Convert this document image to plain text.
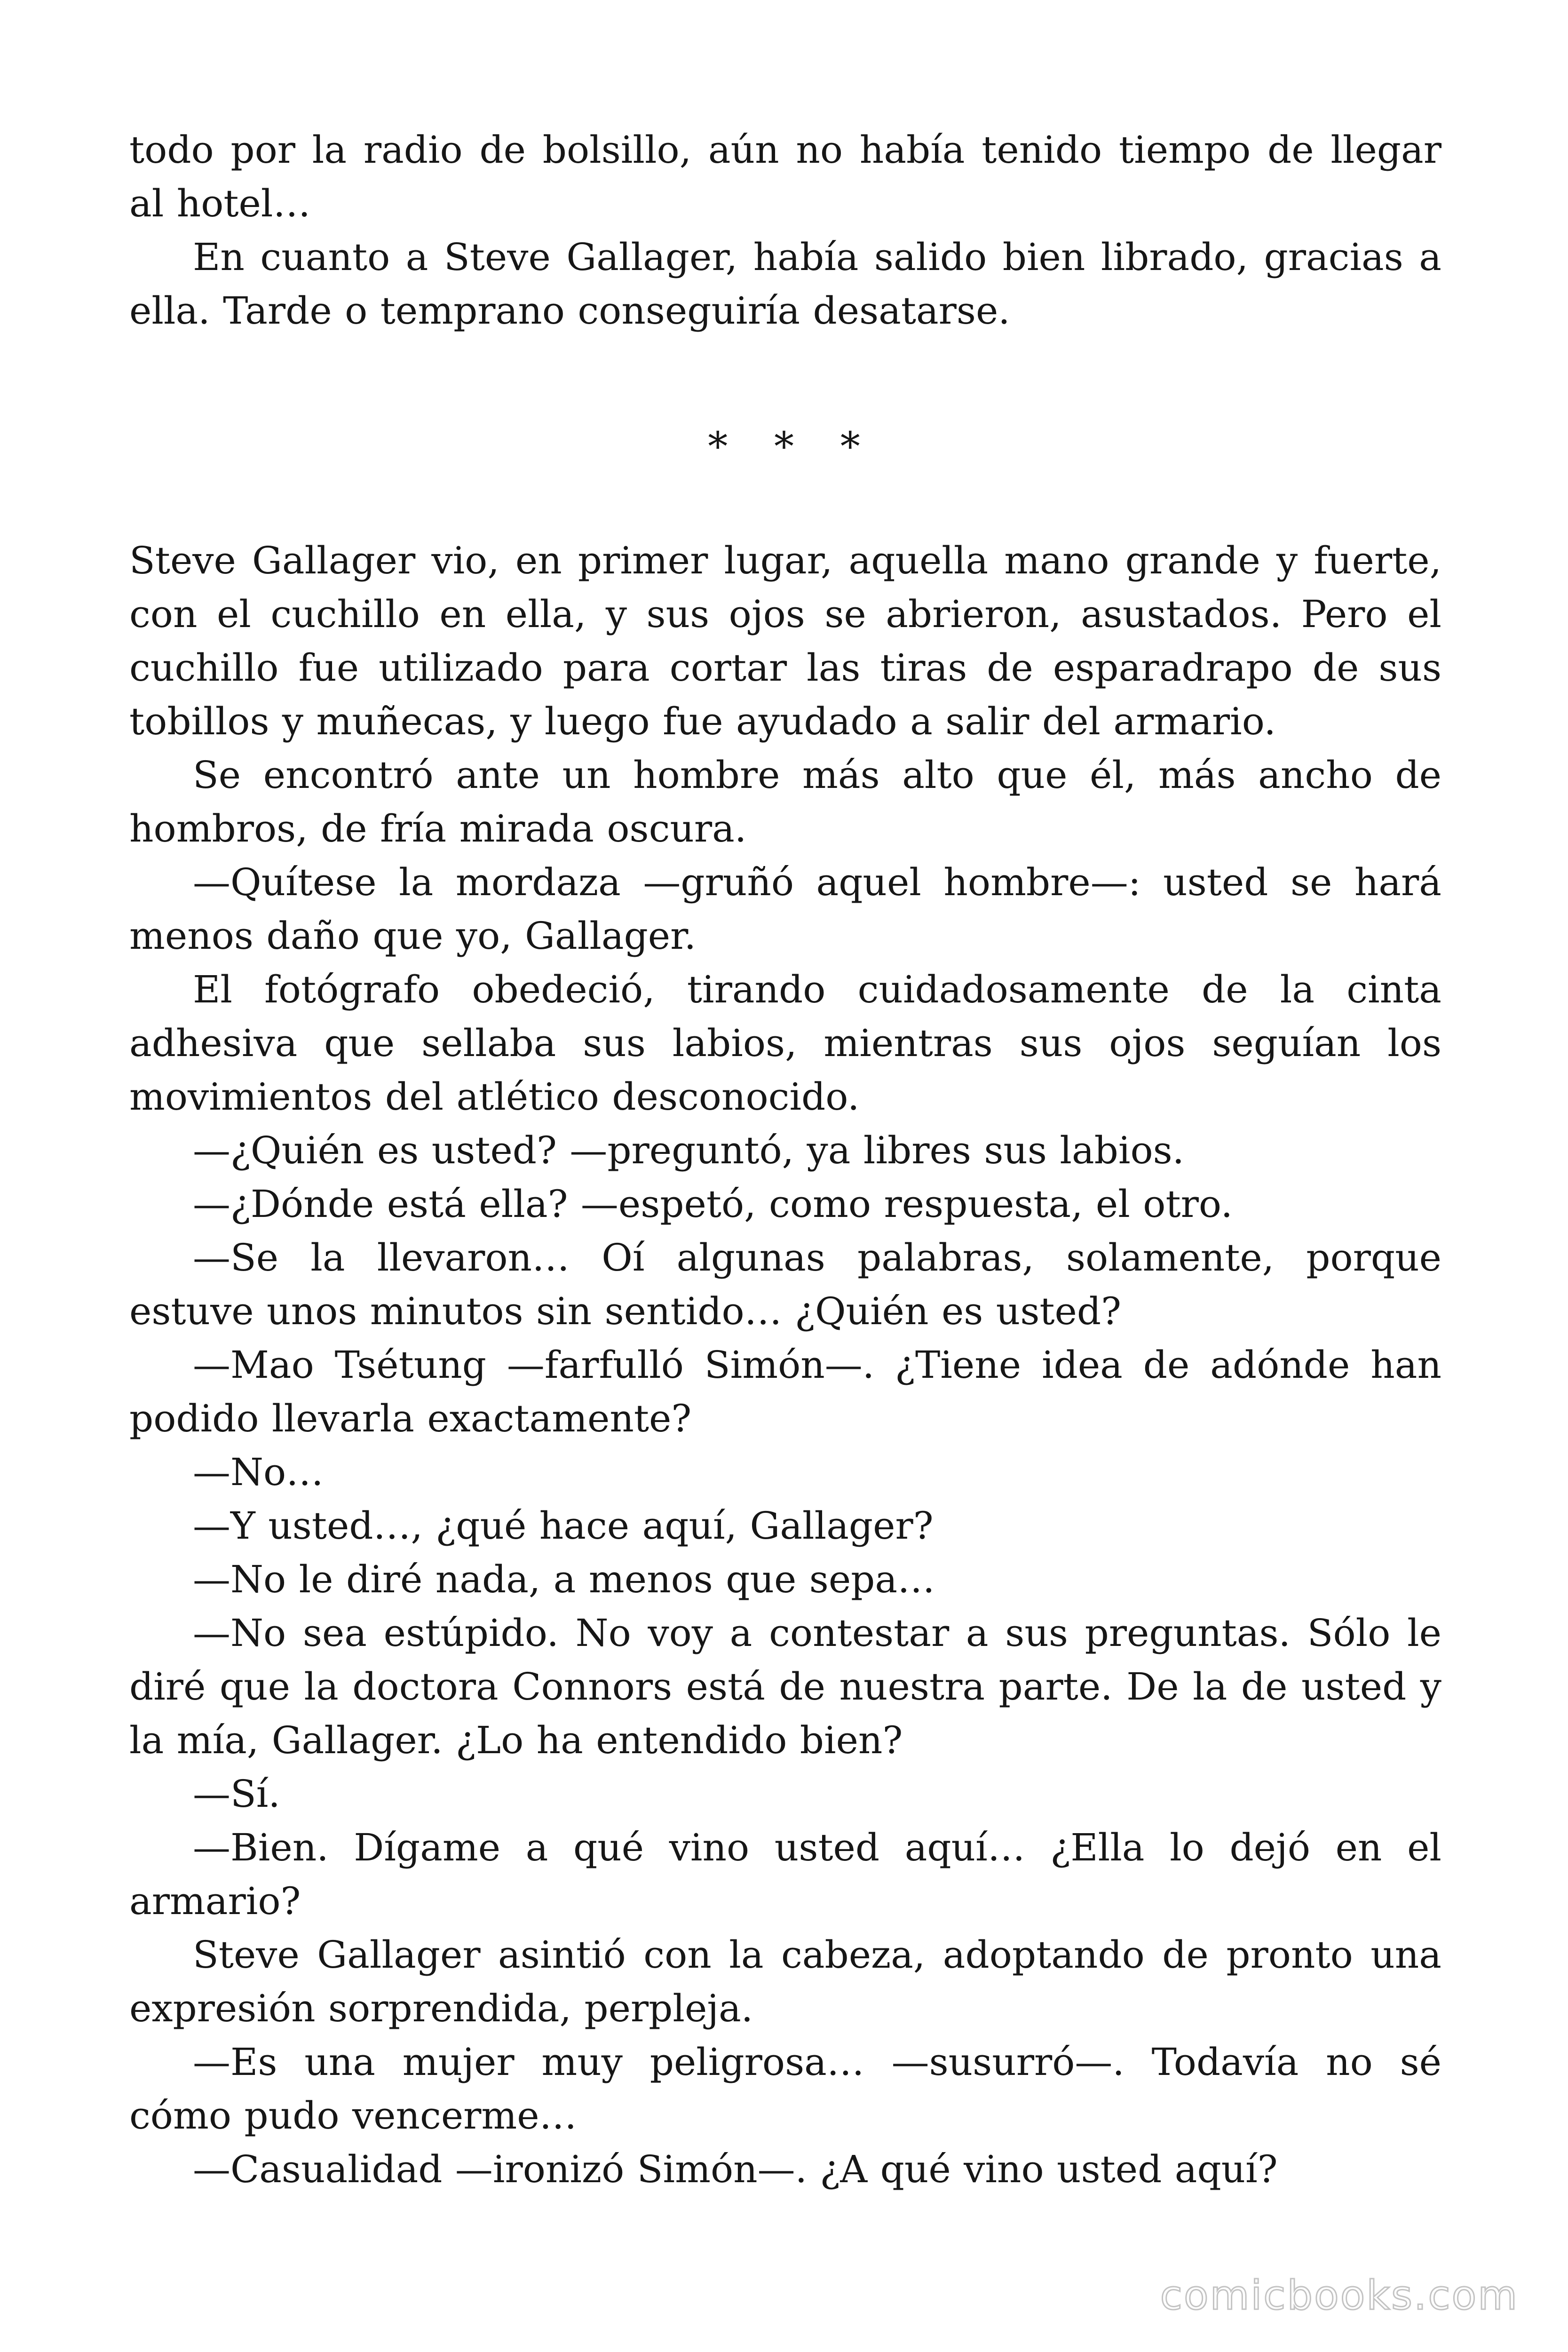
todo por la radio de bolsillo, aún no había tenido tiempo de llegar al hotel…

En cuanto a Steve Gallager, había salido bien librado, gracias a ella. Tarde o temprano conseguiría desatarse.

* * *

Steve Gallager vio, en primer lugar, aquella mano grande y fuerte, con el cuchillo en ella, y sus ojos se abrieron, asustados. Pero el cuchillo fue utilizado para cortar las tiras de esparadrapo de sus tobillos y muñecas, y luego fue ayudado a salir del armario.

Se encontró ante un hombre más alto que él, más ancho de hombros, de fría mirada oscura.

—Quítese la mordaza —gruñó aquel hombre—: usted se hará menos daño que yo, Gallager.

El fotógrafo obedeció, tirando cuidadosamente de la cinta adhesiva que sellaba sus labios, mientras sus ojos seguían los movimientos del atlético desconocido.

—¿Quién es usted? —preguntó, ya libres sus labios.

—¿Dónde está ella? —espetó, como respuesta, el otro.

—Se la llevaron… Oí algunas palabras, solamente, porque estuve unos minutos sin sentido… ¿Quién es usted?

—Mao Tsétung —farfulló Simón—. ¿Tiene idea de adónde han podido llevarla exactamente?

—No…

—Y usted…, ¿qué hace aquí, Gallager?

—No le diré nada, a menos que sepa…

—No sea estúpido. No voy a contestar a sus preguntas. Sólo le diré que la doctora Connors está de nuestra parte. De la de usted y la mía, Gallager. ¿Lo ha entendido bien?

—Sí.

—Bien. Dígame a qué vino usted aquí… ¿Ella lo dejó en el armario?

Steve Gallager asintió con la cabeza, adoptando de pronto una expresión sorprendida, perpleja.

—Es una mujer muy peligrosa… —susurró—. Todavía no sé cómo pudo vencerme…

—Casualidad —ironizó Simón—. ¿A qué vino usted aquí?

comicbooks.com
